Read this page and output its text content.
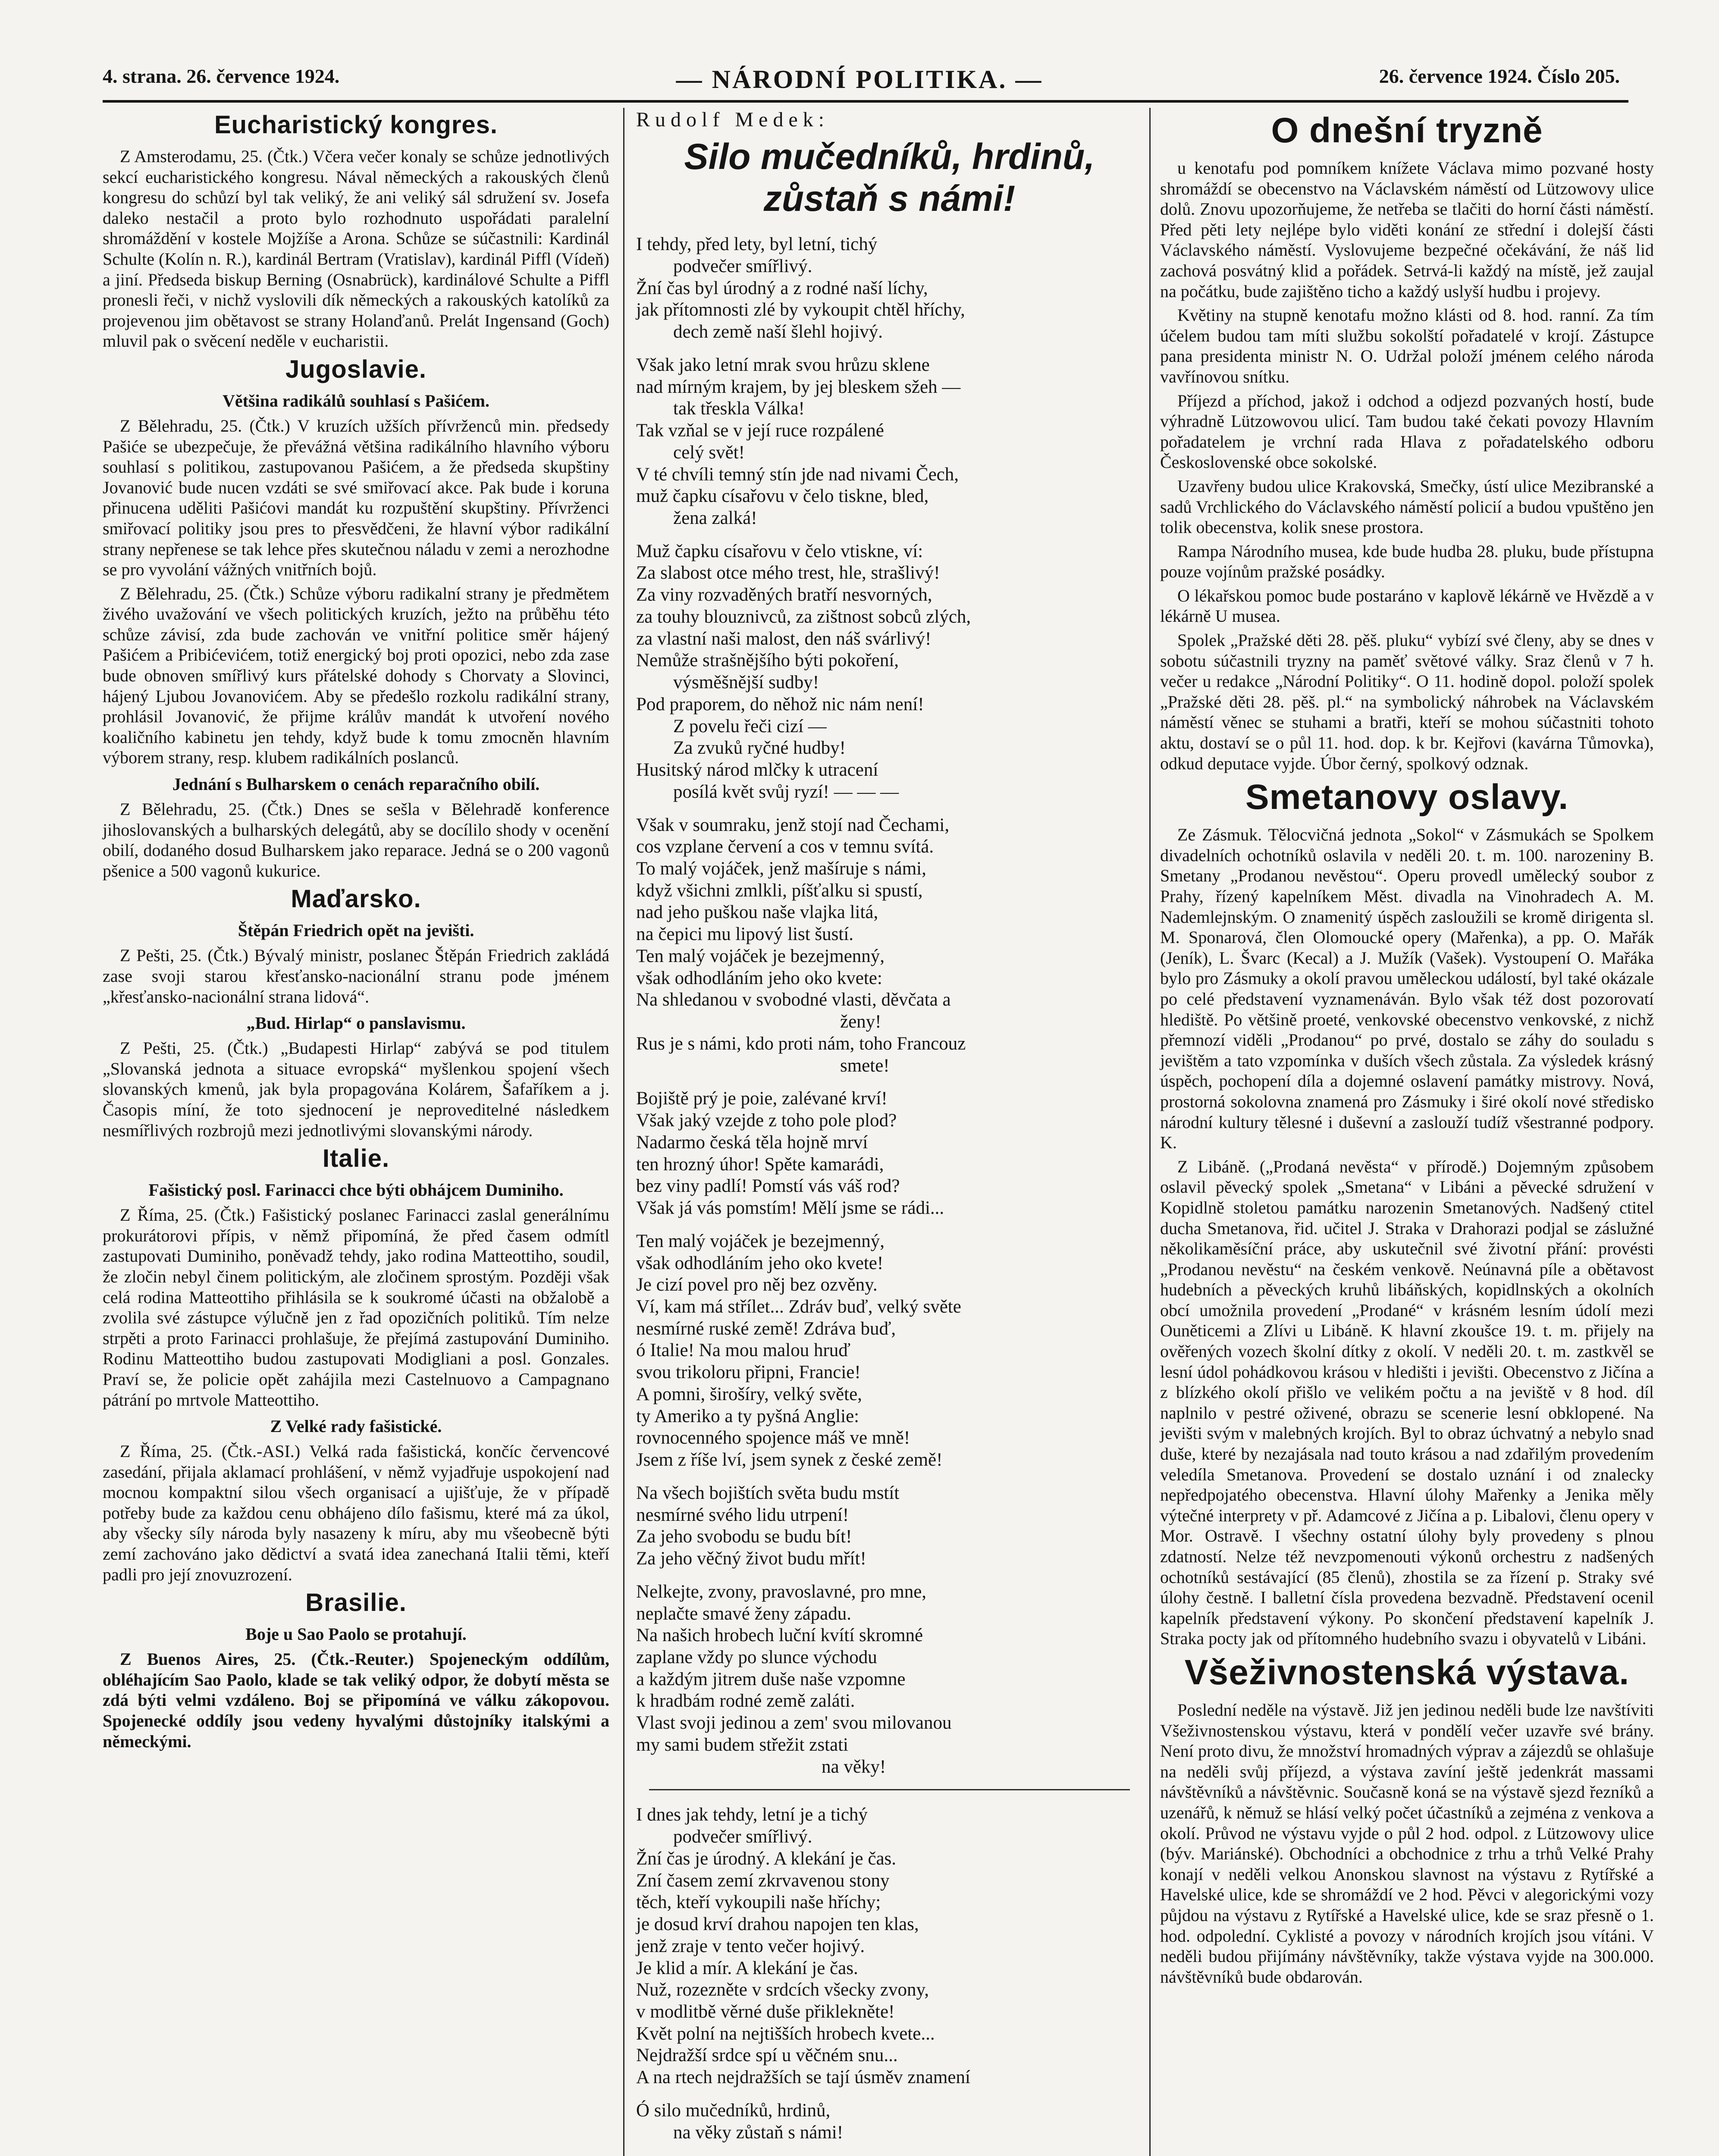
4. strana. 26. července 1924.	— NÁRODNÍ POLITIKA. —	26. července 1924. Číslo 205.
Eucharistický kongres.

Z Amsterodamu, 25. (Čtk.) Včera večer konaly se schůze jednotlivých sekcí eucharistického kongresu. Nával německých a rakouských členů kongresu do schůzí byl tak veliký, že ani veliký sál sdružení sv. Josefa daleko nestačil a proto bylo rozhodnuto uspořádati paralelní shromáždění v kostele Mojžíše a Arona. Schůze se súčastnili: Kardinál Schulte (Kolín n. R.), kardinál Bertram (Vratislav), kardinál Piffl (Vídeň) a jiní. Předseda biskup Berning (Osnabrück), kardinálové Schulte a Piffl pronesli řeči, v nichž vyslovili dík německých a rakouských katolíků za projevenou jim obětavost se strany Holanďanů. Prelát Ingensand (Goch) mluvil pak o svěcení neděle v eucharistii.

Jugoslavie.
Většina radikálů souhlasí s Pašićem.

Z Bělehradu, 25. (Čtk.) V kruzích užších přívrženců min. předsedy Pašiće se ubezpečuje, že převážná většina radikálního hlavního výboru souhlasí s politikou, zastupovanou Pašićem, a že předseda skupštiny Jovanović bude nucen vzdáti se své smiřovací akce. Pak bude i koruna přinucena uděliti Pašićovi mandát ku rozpuštění skupštiny. Přívrženci smiřovací politiky jsou pres to přesvědčeni, že hlavní výbor radikální strany nepřenese se tak lehce přes skutečnou náladu v zemi a nerozhodne se pro vyvolání vážných vnitřních bojů.

Z Bělehradu, 25. (Čtk.) Schůze výboru radikalní strany je předmětem živého uvažování ve všech politických kruzích, ježto na průběhu této schůze závisí, zda bude zachován ve vnitřní politice směr hájený Pašićem a Pribićevićem, totiž energický boj proti opozici, nebo zda zase bude obnoven smířlivý kurs přátelské dohody s Chorvaty a Slovinci, hájený Ljubou Jovanovićem. Aby se předešlo rozkolu radikální strany, prohlásil Jovanović, že přijme králův mandát k utvoření nového koaličního kabinetu jen tehdy, když bude k tomu zmocněn hlavním výborem strany, resp. klubem radikálních poslanců.

Jednání s Bulharskem o cenách reparačního obilí.

Z Bělehradu, 25. (Čtk.) Dnes se sešla v Bělehradě konference jihoslovanských a bulharských delegátů, aby se docílilo shody v ocenění obilí, dodaného dosud Bulharskem jako reparace. Jedná se o 200 vagonů pšenice a 500 vagonů kukurice.

Maďarsko.
Štěpán Friedrich opět na jevišti.

Z Pešti, 25. (Čtk.) Bývalý ministr, poslanec Štěpán Friedrich zakládá zase svoji starou křesťansko-nacionální stranu pode jménem „křesťansko-nacionální strana lidová“.

„Bud. Hirlap“ o panslavismu.

Z Pešti, 25. (Čtk.) „Budapesti Hirlap“ zabývá se pod titulem „Slovanská jednota a situace evropská“ myšlenkou spojení všech slovanských kmenů, jak byla propagována Kolárem, Šafaříkem a j. Časopis míní, že toto sjednocení je neproveditelné následkem nesmířlivých rozbrojů mezi jednotlivými slovanskými národy.

Italie.
Fašistický posl. Farinacci chce býti obhájcem Duminiho.

Z Říma, 25. (Čtk.) Fašistický poslanec Farinacci zaslal generálnímu prokurátorovi přípis, v němž připomíná, že před časem odmítl zastupovati Duminiho, poněvadž tehdy, jako rodina Matteottiho, soudil, že zločin nebyl činem politickým, ale zločinem sprostým. Později však celá rodina Matteottiho přihlásila se k soukromé účasti na obžalobě a zvolila své zástupce výlučně jen z řad opozičních politiků. Tím nelze strpěti a proto Farinacci prohlašuje, že přejímá zastupování Duminiho. Rodinu Matteottiho budou zastupovati Modigliani a posl. Gonzales. Praví se, že policie opět zahájila mezi Castelnuovo a Campagnano pátrání po mrtvole Matteottiho.

Z Velké rady fašistické.

Z Říma, 25. (Čtk.-ASI.) Velká rada fašistická, končíc červencové zasedání, přijala aklamací prohlášení, v němž vyjadřuje uspokojení nad mocnou kompaktní silou všech organisací a ujišťuje, že v případě potřeby bude za každou cenu obhájeno dílo fašismu, které má za úkol, aby všecky síly národa byly nasazeny k míru, aby mu všeobecně býti zemí zachováno jako dědictví a svatá idea zanechaná Italii těmi, kteří padli pro její znovuzrození.

Brasilie.
Boje u Sao Paolo se protahují.

Z Buenos Aires, 25. (Čtk.-Reuter.) Spojeneckým oddílům, obléhajícím Sao Paolo, klade se tak veliký odpor, že dobytí města se zdá býti velmi vzdáleno. Boj se připomíná ve válku zákopovou. Spojenecké oddíly jsou vedeny hyvalými důstojníky italskými a německými.

Rudolf Medek:
Silo mučedníků, hrdinů, zůstaň s námi!

I tehdy, před lety, byl letní, tichý
podvečer smířlivý.
Žní čas byl úrodný a z rodné naší líchy,
jak přítomnosti zlé by vykoupit chtěl hříchy,
dech země naší šlehl hojivý.

Však jako letní mrak svou hrůzu sklene
nad mírným krajem, by jej bleskem sžeh —
tak třeskla Válka!
Tak vzňal se v její ruce rozpálené
celý svět!
V té chvíli temný stín jde nad nivami Čech,
muž čapku císařovu v čelo tiskne, bled,
žena zalká!

Muž čapku císařovu v čelo vtiskne, ví:
Za slabost otce mého trest, hle, strašlivý!
Za viny rozvaděných bratří nesvorných,
za touhy blouznivců, za zištnost sobců zlých,
za vlastní naši malost, den náš svárlivý!
Nemůže strašnějšího býti pokoření,
výsměšnější sudby!
Pod praporem, do něhož nic nám není!
Z povelu řeči cizí —
Za zvuků ryčné hudby!
Husitský národ mlčky k utracení
posílá květ svůj ryzí! — — —

Však v soumraku, jenž stojí nad Čechami,
cos vzplane červení a cos v temnu svítá.
To malý vojáček, jenž mašíruje s námi,
když všichni zmlkli, píšťalku si spustí,
nad jeho puškou naše vlajka litá,
na čepici mu lipový list šustí.
Ten malý vojáček je bezejmenný,
však odhodláním jeho oko kvete:
Na shledanou v svobodné vlasti, děvčata a
ženy!
Rus je s námi, kdo proti nám, toho Francouz
smete!

Bojiště prý je poie, zalévané krví!
Však jaký vzejde z toho pole plod?
Nadarmo česká těla hojně mrví
ten hrozný úhor! Spěte kamarádi,
bez viny padlí! Pomstí vás váš rod?
Však já vás pomstím! Mělí jsme se rádi...

Ten malý vojáček je bezejmenný,
však odhodláním jeho oko kvete!
Je cizí povel pro něj bez ozvěny.
Ví, kam má střílet... Zdráv buď, velký světe
nesmírné ruské země! Zdráva buď,
ó Italie! Na mou malou hruď
svou trikoloru připni, Francie!
A pomni, širošíry, velký světe,
ty Ameriko a ty pyšná Anglie:
rovnocenného spojence máš ve mně!
Jsem z říše lví, jsem synek z české země!

Na všech bojištích světa budu mstít
nesmírné svého lidu utrpení!
Za jeho svobodu se budu bít!
Za jeho věčný život budu mřít!

Nelkejte, zvony, pravoslavné, pro mne,
neplačte smavé ženy západu.
Na našich hrobech luční kvítí skromné
zaplane vždy po slunce východu
a každým jitrem duše naše vzpomne
k hradbám rodné země zaláti.
Vlast svoji jedinou a zem' svou milovanou
my sami budem střežit zstati
na věky!

I dnes jak tehdy, letní je a tichý
podvečer smířlivý.
Žní čas je úrodný. A klekání je čas.
Zní časem zemí zkrvavenou stony
těch, kteří vykoupili naše hříchy;
je dosud krví drahou napojen ten klas,
jenž zraje v tento večer hojivý.
Je klid a mír. A klekání je čas.
Nuž, rozezněte v srdcích všecky zvony,
v modlitbě věrné duše přiklekněte!
Květ polní na nejtišších hrobech kvete...
Nejdražší srdce spí u věčném snu...
A na rtech nejdražších se tají úsměv znamení

Ó silo mučedníků, hrdinů,
na věky zůstaň s námi!

O dnešní tryzně

u kenotafu pod pomníkem knížete Václava mimo pozvané hosty shromáždí se obecenstvo na Václavském náměstí od Lützowovy ulice dolů. Znovu upozorňujeme, že netřeba se tlačiti do horní části náměstí. Před pěti lety nejlépe bylo viděti konání ze střední i dolejší části Václavského náměstí. Vyslovujeme bezpečné očekávání, že náš lid zachová posvátný klid a pořádek. Setrvá-li každý na místě, jež zaujal na počátku, bude zajištěno ticho a každý uslyší hudbu i projevy.

Květiny na stupně kenotafu možno klásti od 8. hod. ranní. Za tím účelem budou tam míti službu sokolští pořadatelé v krojí. Zástupce pana presidenta ministr N. O. Udržal položí jménem celého národa vavřínovou snítku.

Příjezd a příchod, jakož i odchod a odjezd pozvaných hostí, bude výhradně Lützowovou ulicí. Tam budou také čekati povozy Hlavním pořadatelem je vrchní rada Hlava z pořadatelského odboru Československé obce sokolské.

Uzavřeny budou ulice Krakovská, Smečky, ústí ulice Mezibranské a sadů Vrchlického do Václavského náměstí policií a budou vpuštěno jen tolik obecenstva, kolik snese prostora.

Rampa Národního musea, kde bude hudba 28. pluku, bude přístupna pouze vojínům pražské posádky.

O lékařskou pomoc bude postaráno v kaplově lékárně ve Hvězdě a v lékárně U musea.

Spolek „Pražské děti 28. pěš. pluku“ vybízí své členy, aby se dnes v sobotu súčastnili tryzny na paměť světové války. Sraz členů v 7 h. večer u redakce „Národní Politiky“. O 11. hodině dopol. položí spolek „Pražské děti 28. pěš. pl.“ na symbolický náhrobek na Václavském náměstí věnec se stuhami a bratři, kteří se mohou súčastniti tohoto aktu, dostaví se o půl 11. hod. dop. k br. Kejřovi (kavárna Tůmovka), odkud deputace vyjde. Úbor černý, spolkový odznak.

Smetanovy oslavy.

Ze Zásmuk. Tělocvičná jednota „Sokol“ v Zásmukách se Spolkem divadelních ochotníků oslavila v neděli 20. t. m. 100. narozeniny B. Smetany „Prodanou nevěstou“. Operu provedl umělecký soubor z Prahy, řízený kapelníkem Měst. divadla na Vinohradech A. M. Nademlejnským. O znamenitý úspěch zasloužili se kromě dirigenta sl. M. Sponarová, člen Olomoucké opery (Mařenka), a pp. O. Mařák (Jeník), L. Švarc (Kecal) a J. Mužík (Vašek). Vystoupení O. Mařáka bylo pro Zásmuky a okolí pravou uměleckou událostí, byl také okázale po celé představení vyznamenáván. Bylo však též dost pozorovatí hlediště. Po většině proeté, venkovské obecenstvo venkovské, z nichž přemnozí viděli „Prodanou“ po prvé, dostalo se záhy do souladu s jevištěm a tato vzpomínka v duších všech zůstala. Za výsledek krásný úspěch, pochopení díla a dojemné oslavení památky mistrovy. Nová, prostorná sokolovna znamená pro Zásmuky i širé okolí nové středisko národní kultury tělesné i duševní a zaslouží tudíž všestranné podpory. K.

Z Libáně. („Prodaná nevěsta“ v přírodě.) Dojemným způsobem oslavil pěvecký spolek „Smetana“ v Libáni a pěvecké sdružení v Kopidlně stoletou památku narozenin Smetanových. Nadšený ctitel ducha Smetanova, řid. učitel J. Straka v Drahorazi podjal se záslužné několikaměsíční práce, aby uskutečnil své životní přání: provésti „Prodanou nevěstu“ na českém venkově. Neúnavná píle a obětavost hudebních a pěveckých kruhů libáňských, kopidlnských a okolních obcí umožnila provedení „Prodané“ v krásném lesním údolí mezi Ouněticemi a Zlívi u Libáně. K hlavní zkoušce 19. t. m. přijely na ověřených vozech školní dítky z okolí. V neděli 20. t. m. zastkvěl se lesní údol pohádkovou krásou v hledišti i jevišti. Obecenstvo z Jičína a z blízkého okolí přišlo ve velikém počtu a na jeviště v 8 hod. díl naplnilo v pestré oživené, obrazu se scenerie lesní obklopené. Na jevišti svým v malebných krojích. Byl to obraz úchvatný a nebylo snad duše, které by nezajásala nad touto krásou a nad zdařilým provedením veledíla Smetanova. Provedení se dostalo uznání i od znalecky nepředpojatého obecenstva. Hlavní úlohy Mařenky a Jenika měly výtečné interprety v př. Adamcové z Jičína a p. Libalovi, členu opery v Mor. Ostravě. I všechny ostatní úlohy byly provedeny s plnou zdatností. Nelze též nevzpomenouti výkonů orchestru z nadšených ochotníků sestávající (85 členů), zhostila se za řízení p. Straky své úlohy čestně. I balletní čísla provedena bezvadně. Představení ocenil kapelník představení výkony. Po skončení představení kapelník J. Straka pocty jak od přítomného hudebního svazu i obyvatelů v Libáni.

Všeživnostenská výstava.

Poslední neděle na výstavě. Již jen jedinou neděli bude lze navštíviti Všeživnostenskou výstavu, která v pondělí večer uzavře své brány. Není proto divu, že množství hromadných výprav a zájezdů se ohlašuje na neděli svůj příjezd, a výstava zavíní ještě jedenkrát massami návštěvníků a návštěvnic. Současně koná se na výstavě sjezd řezníků a uzenářů, k němuž se hlásí velký počet účastníků a zejména z venkova a okolí. Průvod ne výstavu vyjde o půl 2 hod. odpol. z Lützowovy ulice (býv. Mariánské). Obchodníci a obchodnice z trhu a trhů Velké Prahy konají v neděli velkou Anonskou slavnost na výstavu z Rytířské a Havelské ulice, kde se shromáždí ve 2 hod. Pěvci v alegorickými vozy půjdou na výstavu z Rytířské a Havelské ulice, kde se sraz přesně o 1. hod. odpolední. Cyklisté a povozy v národních krojích jsou vítáni. V neděli budou přijímány návštěvníky, takže výstava vyjde na 300.000. návštěvníků bude obdarován.
